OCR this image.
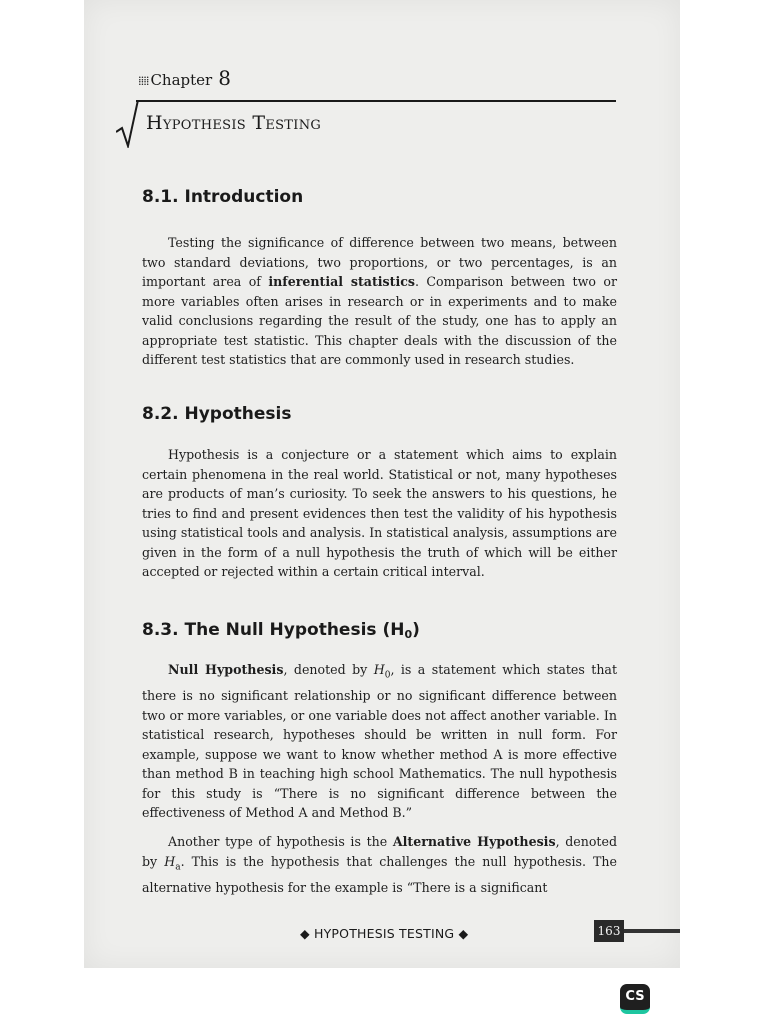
⁞⁞⁞⁞ Chapter 8
Hypothesis Testing
8.1. Introduction
Testing the significance of difference between two means, between two standard deviations, two proportions, or two percentages, is an important area of inferential statistics. Comparison between two or more variables often arises in research or in experiments and to make valid conclusions regarding the result of the study, one has to apply an appropriate test statistic. This chapter deals with the discussion of the different test statistics that are commonly used in research studies.
8.2. Hypothesis
Hypothesis is a conjecture or a statement which aims to explain certain phenomena in the real world. Statistical or not, many hypotheses are products of man’s curiosity. To seek the answers to his questions, he tries to find and present evidences then test the validity of his hypothesis using statistical tools and analysis. In statistical analysis, assumptions are given in the form of a null hypothesis the truth of which will be either accepted or rejected within a certain critical interval.
8.3. The Null Hypothesis $(H_0)$
Null Hypothesis, denoted by $H_0$, is a statement which states that there is no significant relationship or no significant difference between two or more variables, or one variable does not affect another variable. In statistical research, hypotheses should be written in null form. For example, suppose we want to know whether method A is more effective than method B in teaching high school Mathematics. The null hypothesis for this study is “There is no significant difference between the effectiveness of Method A and Method B.”
Another type of hypothesis is the Alternative Hypothesis, denoted by $H_a$. This is the hypothesis that challenges the null hypothesis. The alternative hypothesis for the example is “There is a significant
◆ HYPOTHESIS TESTING ◆	163
CS
